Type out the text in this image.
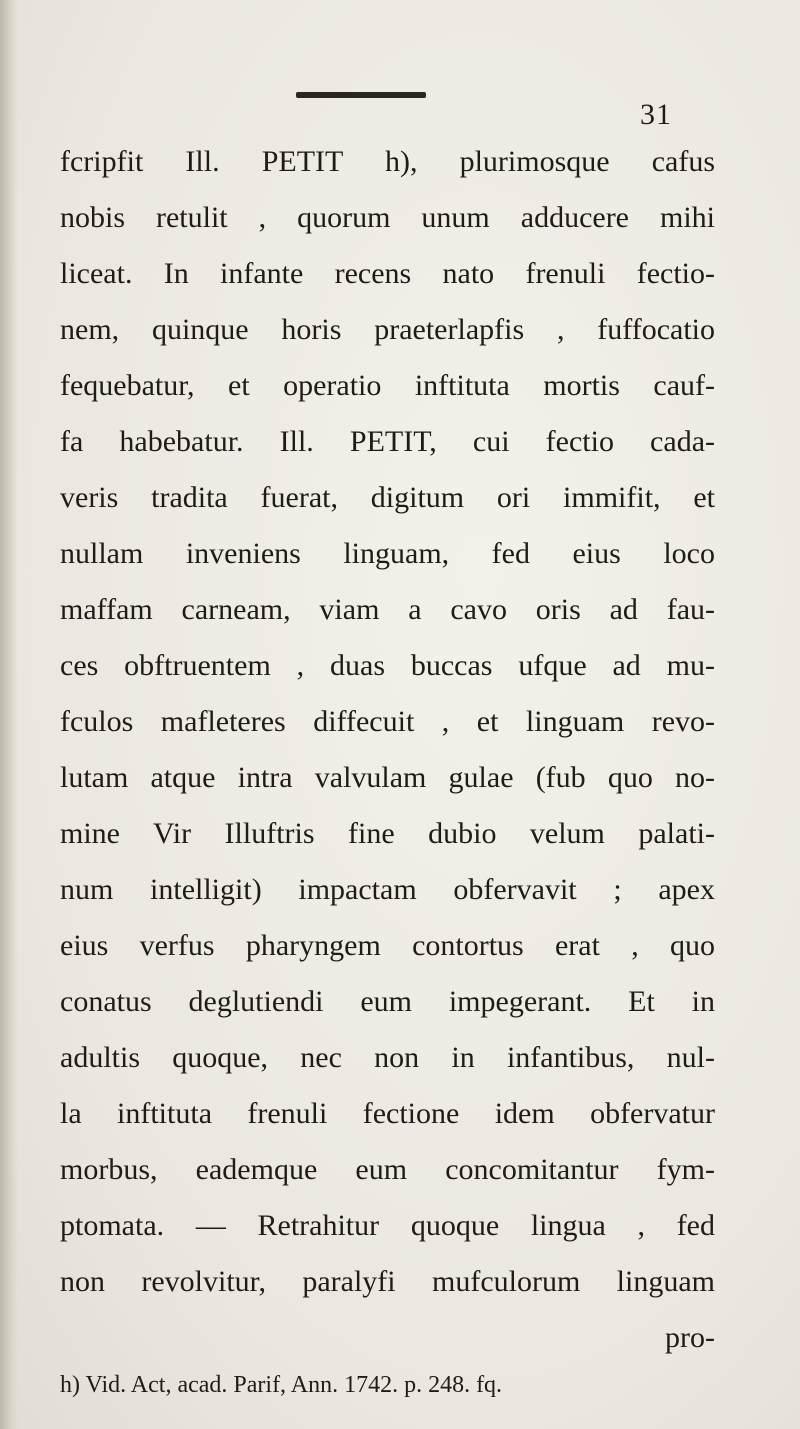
31
fcripfit Ill. PETIT h), plurimosque cafus
nobis retulit , quorum unum adducere mihi
liceat. In infante recens nato frenuli fectio-
nem, quinque horis praeterlapfis , fuffocatio
fequebatur, et operatio inftituta mortis cauf-
fa habebatur. Ill. PETIT, cui fectio cada-
veris tradita fuerat, digitum ori immifit, et
nullam inveniens linguam, fed eius loco
maffam carneam, viam a cavo oris ad fau-
ces obftruentem , duas buccas ufque ad mu-
fculos mafleteres diffecuit , et linguam revo-
lutam atque intra valvulam gulae (fub quo no-
mine Vir Illuftris fine dubio velum palati-
num intelligit) impactam obfervavit ; apex
eius verfus pharyngem contortus erat , quo
conatus deglutiendi eum impegerant. Et in
adultis quoque, nec non in infantibus, nul-
la inftituta frenuli fectione idem obfervatur
morbus, eademque eum concomitantur fym-
ptomata. — Retrahitur quoque lingua , fed
non revolvitur, paralyfi mufculorum linguam
pro-
h) Vid. Act, acad. Parif, Ann. 1742. p. 248. fq.
